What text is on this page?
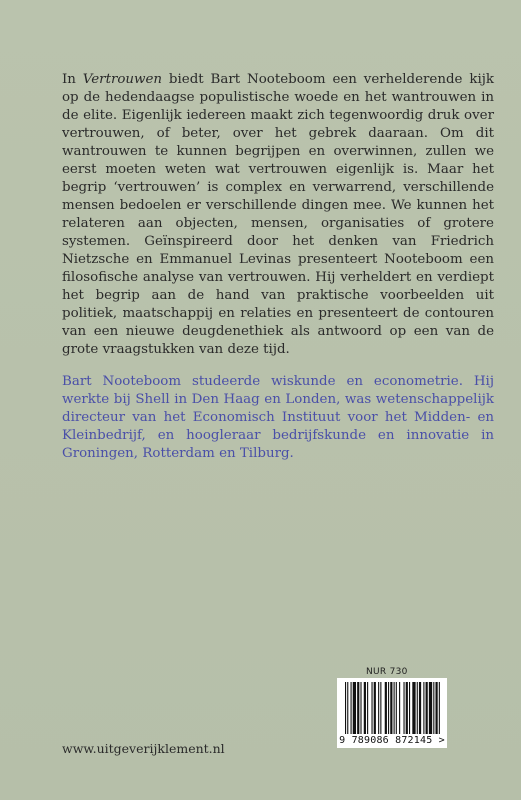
In Vertrouwen biedt Bart Nooteboom een verhelderende kijk op de hedendaagse populistische woede en het wantrouwen in de elite. Eigenlijk iedereen maakt zich tegenwoordig druk over vertrouwen, of beter, over het gebrek daaraan. Om dit wantrouwen te kunnen begrijpen en overwinnen, zullen we eerst moeten weten wat vertrouwen eigenlijk is. Maar het begrip ‘vertrouwen’ is complex en verwarrend, verschillende mensen bedoelen er verschillende dingen mee. We kunnen het relateren aan objecten, mensen, organisaties of grotere systemen. Geïnspireerd door het denken van Friedrich Nietzsche en Emmanuel Levinas presenteert Nooteboom een filosofische analyse van vertrouwen. Hij verheldert en verdiept het begrip aan de hand van praktische voorbeelden uit politiek, maatschappij en relaties en presenteert de contouren van een nieuwe deugdenethiek als antwoord op een van de grote vraagstukken van deze tijd.

Bart Nooteboom studeerde wiskunde en econometrie. Hij werkte bij Shell in Den Haag en Londen, was wetenschappelijk directeur van het Economisch Instituut voor het Midden- en Kleinbedrijf, en hoogleraar bedrijfskunde en innovatie in Groningen, Rotterdam en Tilburg.

NUR 730
9 789086 872145 >
www.uitgeverijklement.nl
